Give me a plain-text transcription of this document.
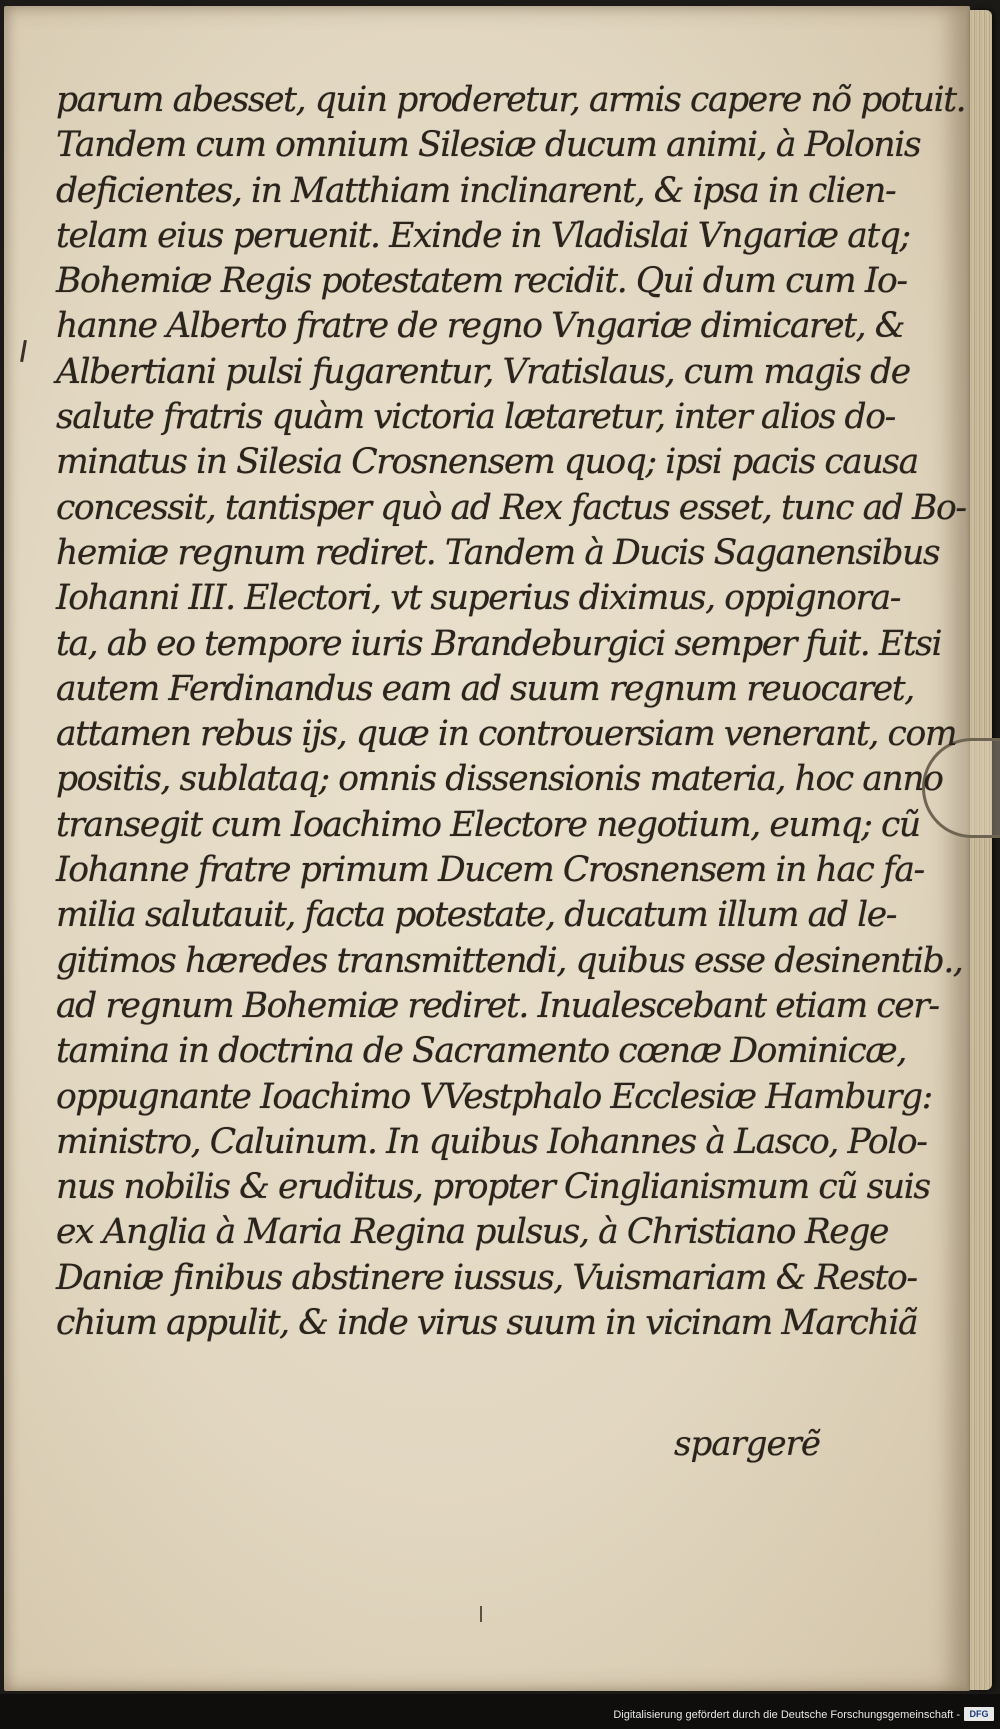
parum abesset, quin proderetur, armis capere nõ potuit.
Tandem cum omnium Silesiæ ducum animi, à Polonis
deficientes, in Matthiam inclinarent, & ipsa in clien-
telam eius peruenit. Exinde in Vladislai Vngariæ atq;
Bohemiæ Regis potestatem recidit. Qui dum cum Io-
hanne Alberto fratre de regno Vngariæ dimicaret, &
Albertiani pulsi fugarentur, Vratislaus, cum magis de
salute fratris quàm victoria lætaretur, inter alios do-
minatus in Silesia Crosnensem quoq; ipsi pacis causa
concessit, tantisper quò ad Rex factus esset, tunc ad Bo-
hemiæ regnum rediret. Tandem à Ducis Saganensibus
Iohanni III. Electori, vt superius diximus, oppignora-
ta, ab eo tempore iuris Brandeburgici semper fuit. Etsi
autem Ferdinandus eam ad suum regnum reuocaret,
attamen rebus ijs, quæ in controuersiam venerant, com
positis, sublataq; omnis dissensionis materia, hoc anno
transegit cum Ioachimo Electore negotium, eumq; cũ
Iohanne fratre primum Ducem Crosnensem in hac fa-
milia salutauit, facta potestate, ducatum illum ad le-
gitimos hæredes transmittendi, quibus esse desinentib.,
ad regnum Bohemiæ rediret. Inualescebant etiam cer-
tamina in doctrina de Sacramento cœnæ Dominicæ,
oppugnante Ioachimo VVestphalo Ecclesiæ Hamburg:
ministro, Caluinum. In quibus Iohannes à Lasco, Polo-
nus nobilis & eruditus, propter Cinglianismum cũ suis
ex Anglia à Maria Regina pulsus, à Christiano Rege
Daniæ finibus abstinere iussus, Vuismariam & Resto-
chium appulit, & inde virus suum in vicinam Marchiã
spargerẽ
Digitalisierung gefördert durch die Deutsche Forschungsgemeinschaft -	DFG
